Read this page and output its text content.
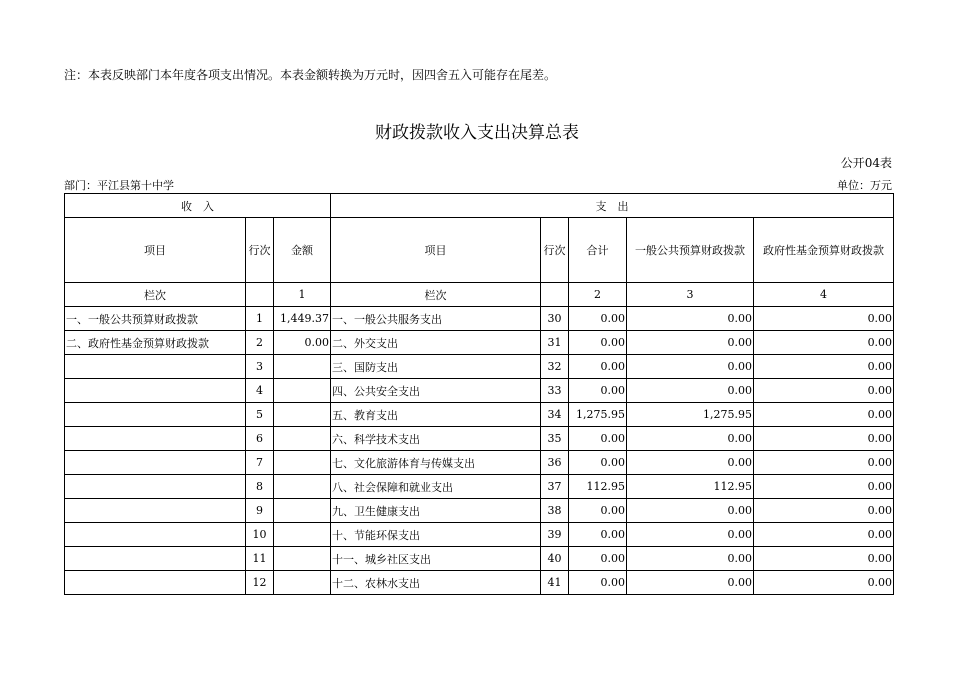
注：本表反映部门本年度各项支出情况。本表金额转换为万元时，因四舍五入可能存在尾差。
财政拨款收入支出决算总表
公开04表
部门：平江县第十中学	单位：万元
收　入			支　出				
项目	行次	金额	项目	行次	合计	一般公共预算财政拨款	政府性基金预算财政拨款
栏次		1	栏次		2	3	4
一、一般公共预算财政拨款	1	1,449.37	一、一般公共服务支出	30	0.00	0.00	0.00
二、政府性基金预算财政拨款	2	0.00	二、外交支出	31	0.00	0.00	0.00
	3		三、国防支出	32	0.00	0.00	0.00
	4		四、公共安全支出	33	0.00	0.00	0.00
	5		五、教育支出	34	1,275.95	1,275.95	0.00
	6		六、科学技术支出	35	0.00	0.00	0.00
	7		七、文化旅游体育与传媒支出	36	0.00	0.00	0.00
	8		八、社会保障和就业支出	37	112.95	112.95	0.00
	9		九、卫生健康支出	38	0.00	0.00	0.00
	10		十、节能环保支出	39	0.00	0.00	0.00
	11		十一、城乡社区支出	40	0.00	0.00	0.00
	12		十二、农林水支出	41	0.00	0.00	0.00
